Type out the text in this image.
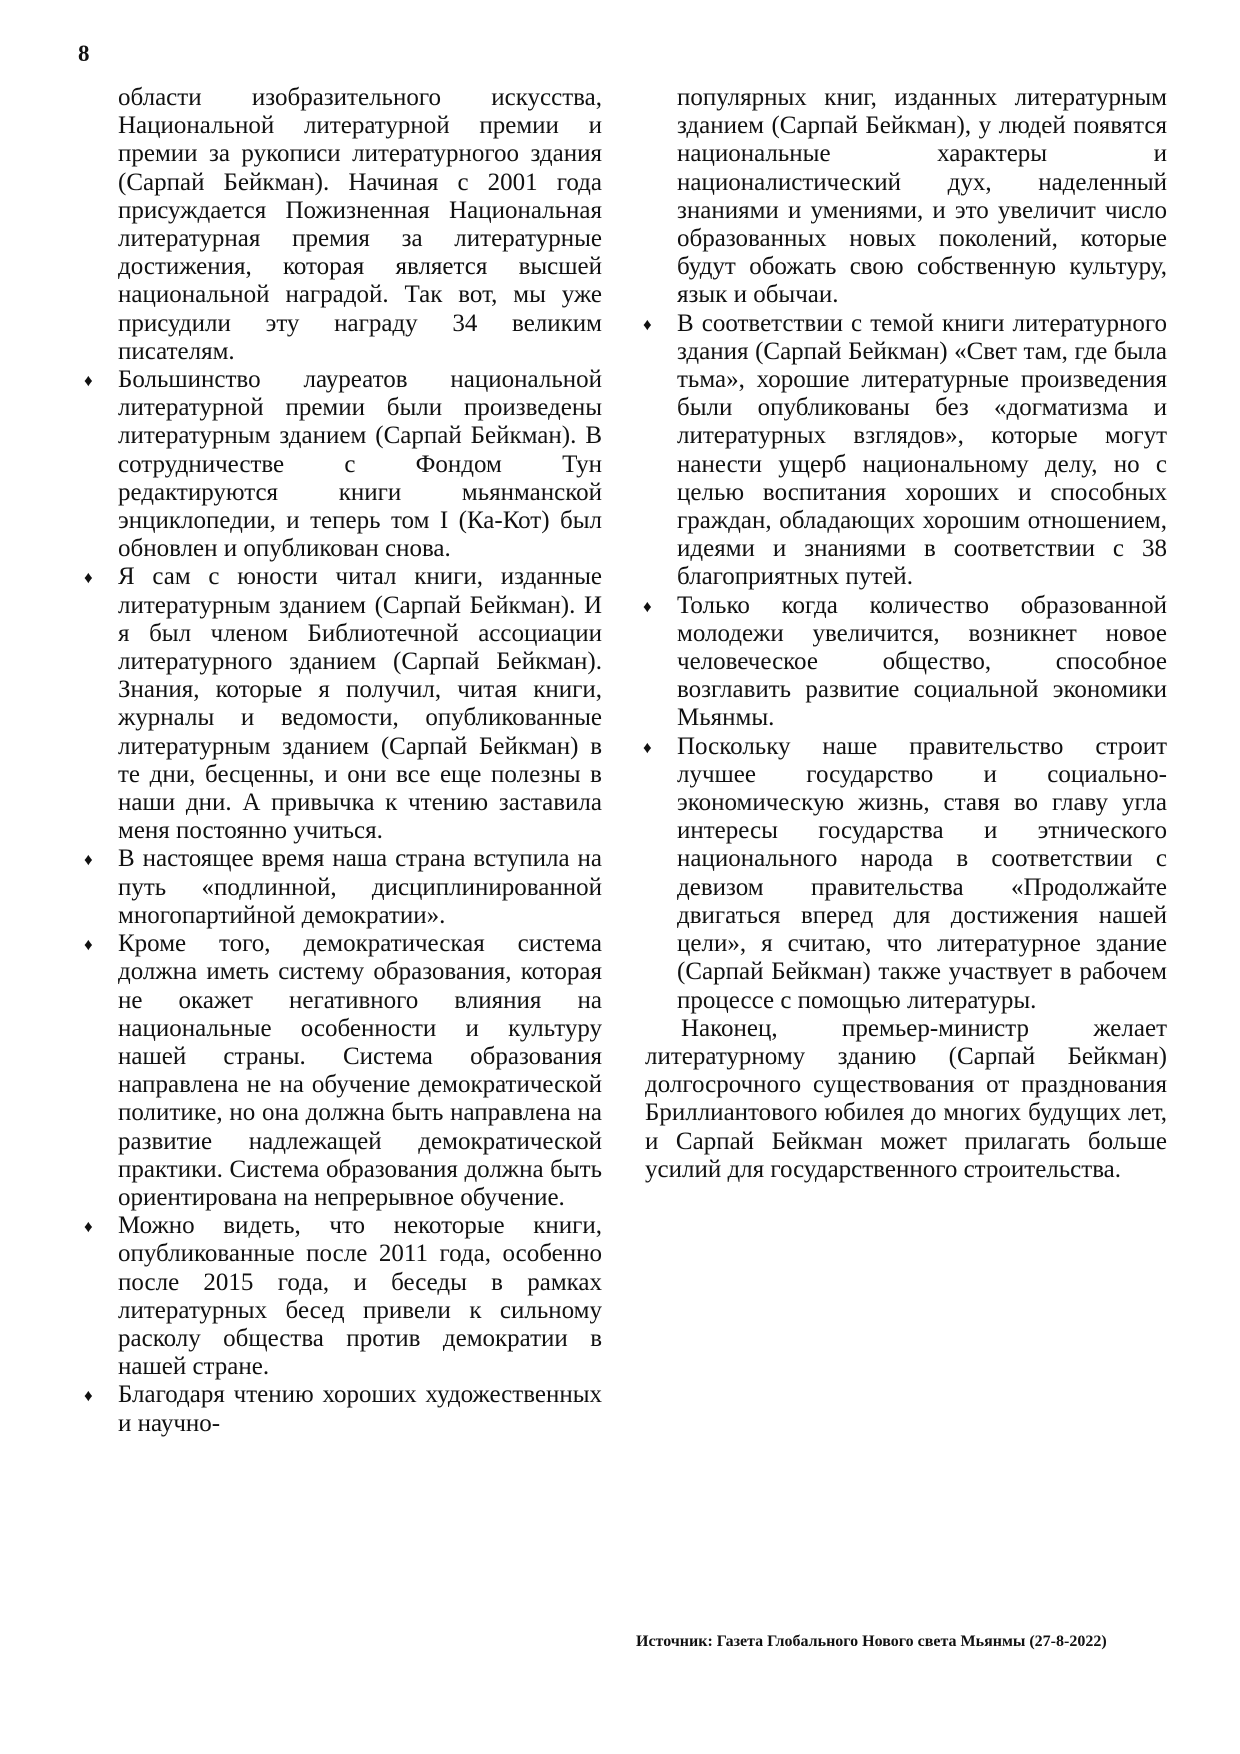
8
области изобразительного искусства, Национальной литературной премии и премии за рукописи литературногоо здания (Сарпай Бейкман). Начиная с 2001 года присуждается Пожизненная Национальная литературная премия за литературные достижения, которая является высшей национальной наградой. Так вот, мы уже присудили эту награду 34 великим писателям.
♦ Большинство лауреатов национальной литературной премии были произведены литературным зданием (Сарпай Бейкман). В сотрудничестве с Фондом Тун редактируются книги мьянманской энциклопедии, и теперь том I (Ка-Кот) был обновлен и опубликован снова.
♦ Я сам с юности читал книги, изданные литературным зданием (Сарпай Бейкман). И я был членом Библиотечной ассоциации литературного зданием (Сарпай Бейкман). Знания, которые я получил, читая книги, журналы и ведомости, опубликованные литературным зданием (Сарпай Бейкман) в те дни, бесценны, и они все еще полезны в наши дни. А привычка к чтению заставила меня постоянно учиться.
♦ В настоящее время наша страна вступила на путь «подлинной, дисциплинированной многопартийной демократии».
♦ Кроме того, демократическая система должна иметь систему образования, которая не окажет негативного влияния на национальные особенности и культуру нашей страны. Система образования направлена не на обучение демократической политике, но она должна быть направлена на развитие надлежащей демократической практики. Система образования должна быть ориентирована на непрерывное обучение.
♦ Можно видеть, что некоторые книги, опубликованные после 2011 года, особенно после 2015 года, и беседы в рамках литературных бесед привели к сильному расколу общества против демократии в нашей стране.
♦ Благодаря чтению хороших художественных и научно-
популярных книг, изданных литературным зданием (Сарпай Бейкман), у людей появятся национальные характеры и националистический дух, наделенный знаниями и умениями, и это увеличит число образованных новых поколений, которые будут обожать свою собственную культуру, язык и обычаи.
♦ В соответствии с темой книги литературного здания (Сарпай Бейкман) «Свет там, где была тьма», хорошие литературные произведения были опубликованы без «догматизма и литературных взглядов», которые могут нанести ущерб национальному делу, но с целью воспитания хороших и способных граждан, обладающих хорошим отношением, идеями и знаниями в соответствии с 38 благоприятных путей.
♦ Только когда количество образованной молодежи увеличится, возникнет новое человеческое общество, способное возглавить развитие социальной экономики Мьянмы.
♦ Поскольку наше правительство строит лучшее государство и социально-экономическую жизнь, ставя во главу угла интересы государства и этнического национального народа в соответствии с девизом правительства «Продолжайте двигаться вперед для достижения нашей цели», я считаю, что литературное здание (Сарпай Бейкман) также участвует в рабочем процессе с помощью литературы.
Наконец, премьер-министр желает литературному зданию (Сарпай Бейкман) долгосрочного существования от празднования Бриллиантового юбилея до многих будущих лет, и Сарпай Бейкман может прилагать больше усилий для государственного строительства.
Источник: Газета Глобального Нового света Мьянмы (27-8-2022)
